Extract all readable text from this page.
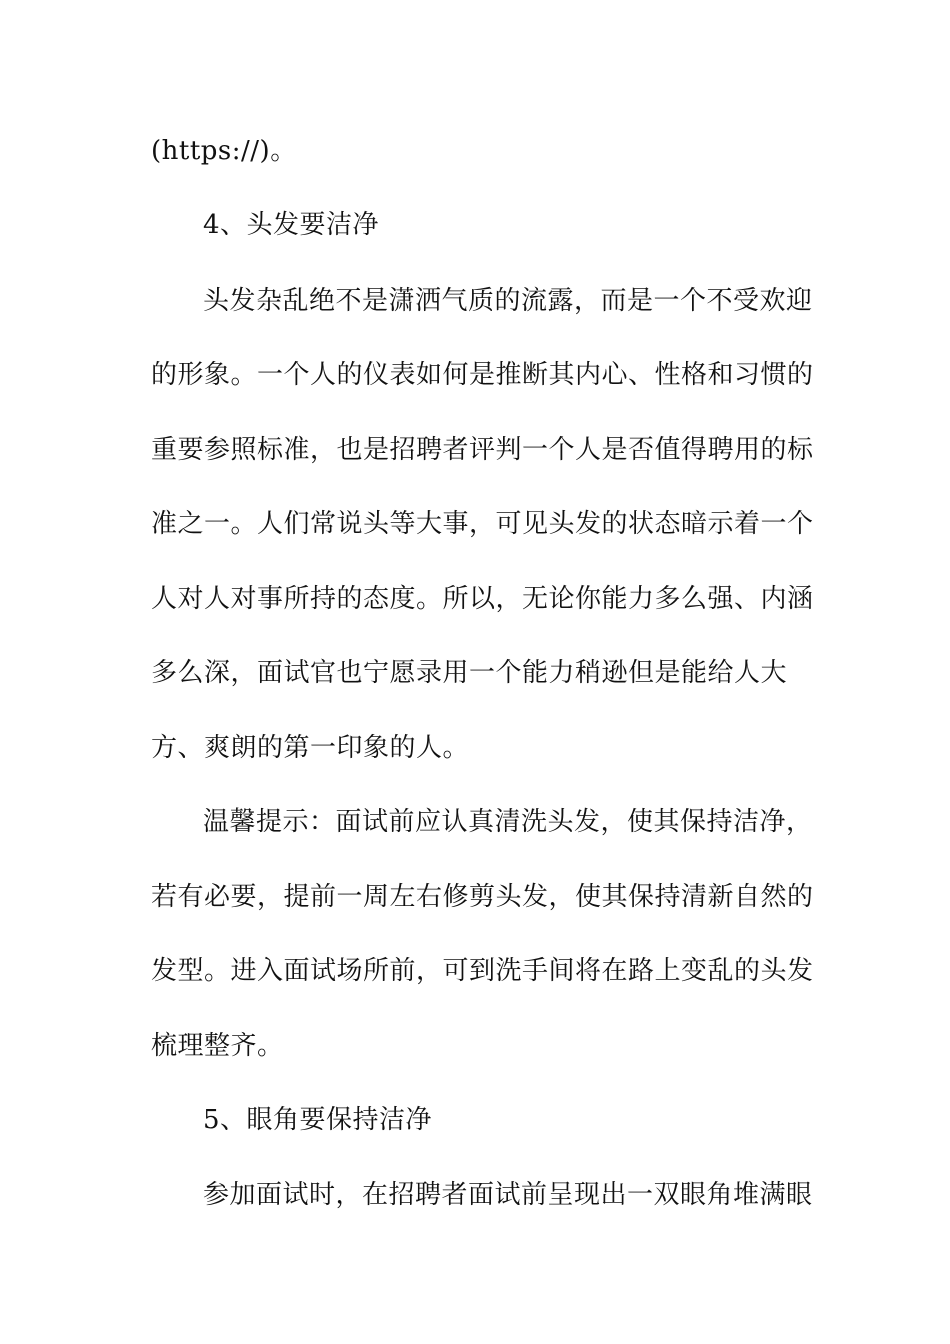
(https://)。
4、头发要洁净
头发杂乱绝不是潇洒气质的流露，而是一个不受欢迎
的形象。一个人的仪表如何是推断其内心、性格和习惯的
重要参照标准，也是招聘者评判一个人是否值得聘用的标
准之一。人们常说头等大事，可见头发的状态暗示着一个
人对人对事所持的态度。所以，无论你能力多么强、内涵
多么深，面试官也宁愿录用一个能力稍逊但是能给人大
方、爽朗的第一印象的人。
温馨提示：面试前应认真清洗头发，使其保持洁净，
若有必要，提前一周左右修剪头发，使其保持清新自然的
发型。进入面试场所前，可到洗手间将在路上变乱的头发
梳理整齐。
5、眼角要保持洁净
参加面试时，在招聘者面试前呈现出一双眼角堆满眼
